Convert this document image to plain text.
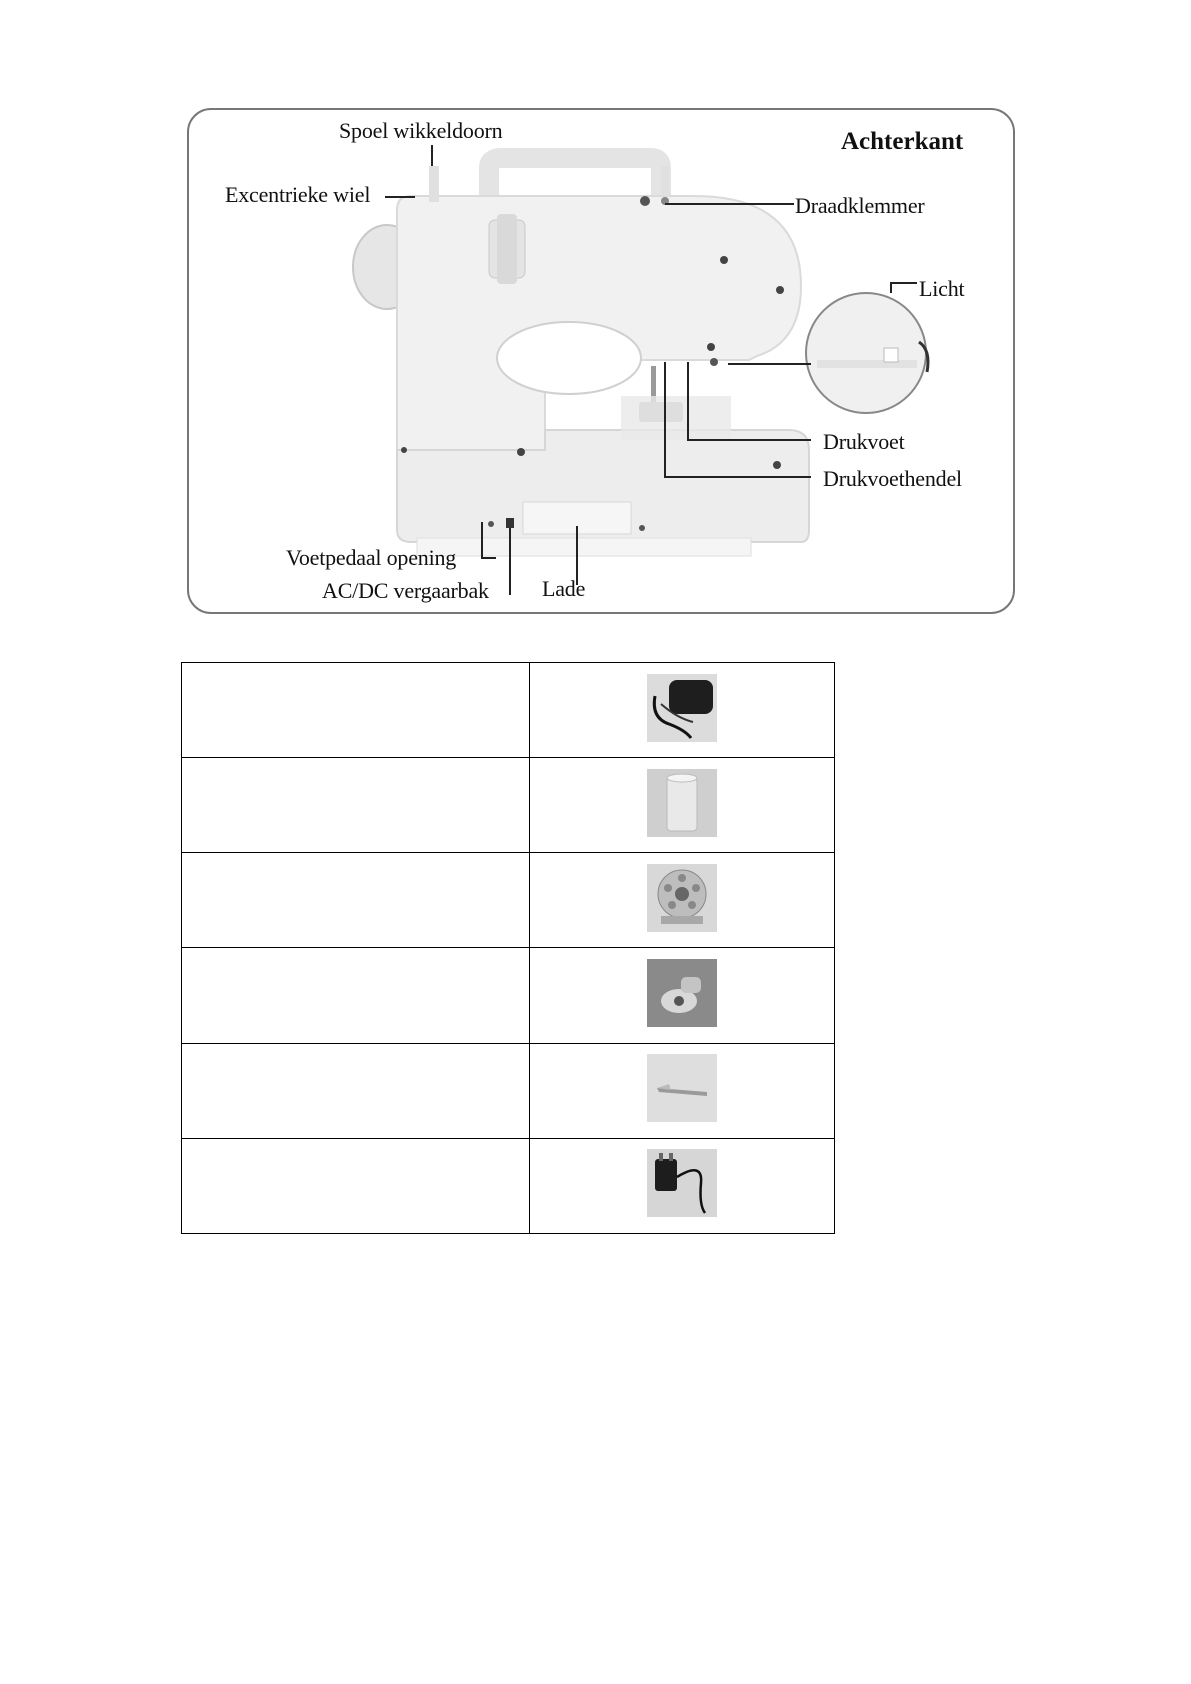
Achterkant
Spoel wikkeldoorn
Excentrieke wiel	Draadklemmer
Licht
Drukvoet
Drukvoethendel
Voetpedaal opening
AC/DC vergaarbak Lade
